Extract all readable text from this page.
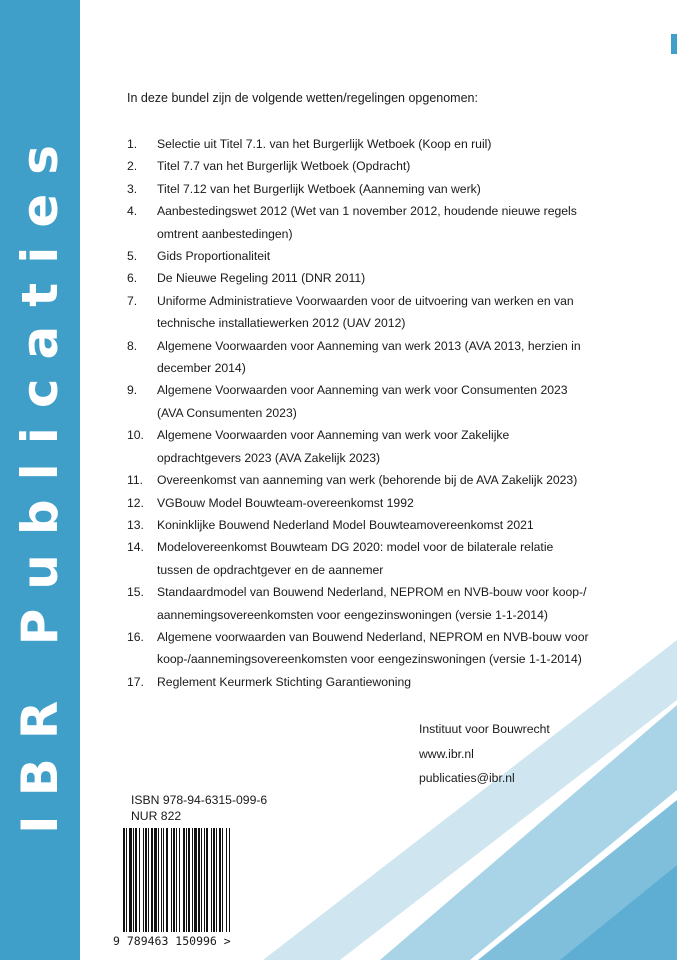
IBR Publicaties
In deze bundel zijn de volgende wetten/regelingen opgenomen:
1. Selectie uit Titel 7.1. van het Burgerlijk Wetboek (Koop en ruil)
2. Titel 7.7 van het Burgerlijk Wetboek (Opdracht)
3. Titel 7.12 van het Burgerlijk Wetboek (Aanneming van werk)
4. Aanbestedingswet 2012 (Wet van 1 november 2012, houdende nieuwe regels
omtrent aanbestedingen)
5. Gids Proportionaliteit
6. De Nieuwe Regeling 2011 (DNR 2011)
7. Uniforme Administratieve Voorwaarden voor de uitvoering van werken en van
technische installatiewerken 2012 (UAV 2012)
8. Algemene Voorwaarden voor Aanneming van werk 2013 (AVA 2013, herzien in
december 2014)
9. Algemene Voorwaarden voor Aanneming van werk voor Consumenten 2023
(AVA Consumenten 2023)
10. Algemene Voorwaarden voor Aanneming van werk voor Zakelijke
opdrachtgevers 2023 (AVA Zakelijk 2023)
11. Overeenkomst van aanneming van werk (behorende bij de AVA Zakelijk 2023)
12. VGBouw Model Bouwteam-overeenkomst 1992
13. Koninklijke Bouwend Nederland Model Bouwteamovereenkomst 2021
14. Modelovereenkomst Bouwteam DG 2020: model voor de bilaterale relatie
tussen de opdrachtgever en de aannemer
15. Standaardmodel van Bouwend Nederland, NEPROM en NVB-bouw voor koop-/
aannemingsovereenkomsten voor eengezinswoningen (versie 1-1-2014)
16. Algemene voorwaarden van Bouwend Nederland, NEPROM en NVB-bouw voor
koop-/aannemingsovereenkomsten voor eengezinswoningen (versie 1-1-2014)
17. Reglement Keurmerk Stichting Garantiewoning
Instituut voor Bouwrecht
www.ibr.nl
publicaties@ibr.nl
ISBN 978-94-6315-099-6
NUR 822
9 789463 150996 >
